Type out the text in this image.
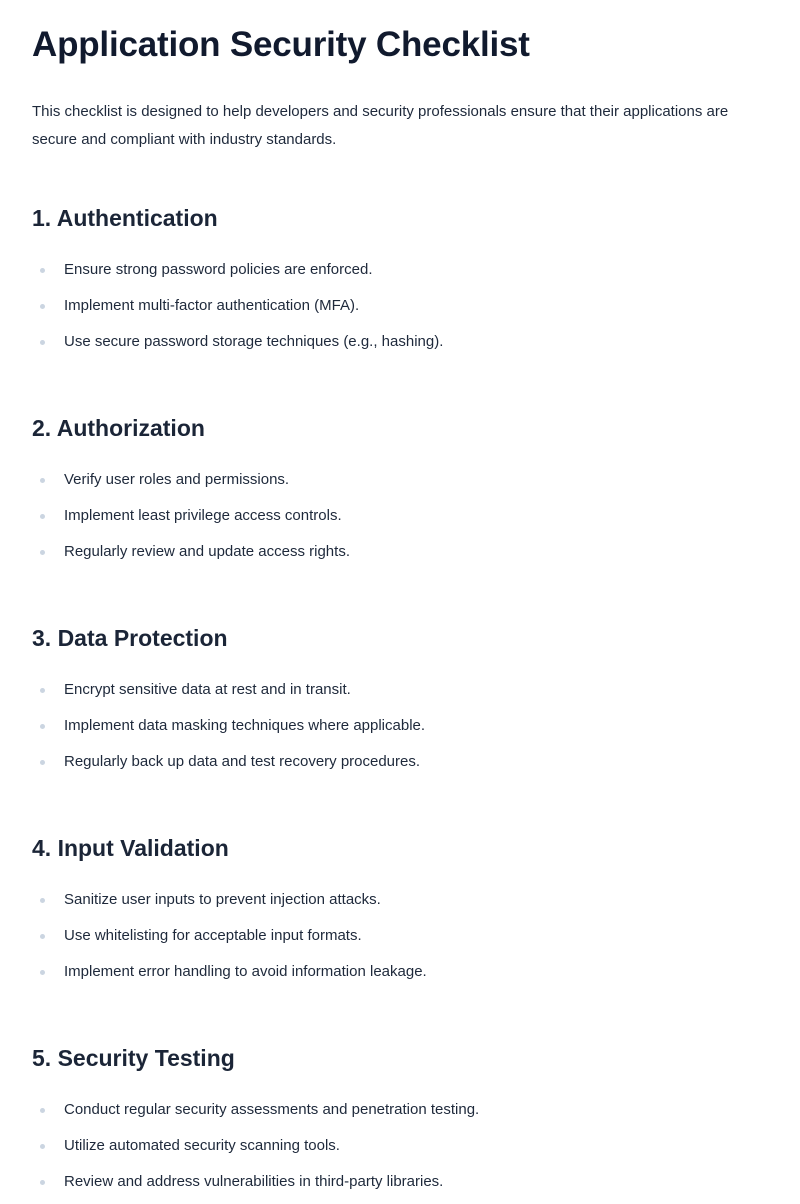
Application Security Checklist

This checklist is designed to help developers and security professionals ensure that their applications are secure and compliant with industry standards.

1. Authentication
Ensure strong password policies are enforced.
Implement multi-factor authentication (MFA).
Use secure password storage techniques (e.g., hashing).
2. Authorization
Verify user roles and permissions.
Implement least privilege access controls.
Regularly review and update access rights.
3. Data Protection
Encrypt sensitive data at rest and in transit.
Implement data masking techniques where applicable.
Regularly back up data and test recovery procedures.
4. Input Validation
Sanitize user inputs to prevent injection attacks.
Use whitelisting for acceptable input formats.
Implement error handling to avoid information leakage.
5. Security Testing
Conduct regular security assessments and penetration testing.
Utilize automated security scanning tools.
Review and address vulnerabilities in third-party libraries.
